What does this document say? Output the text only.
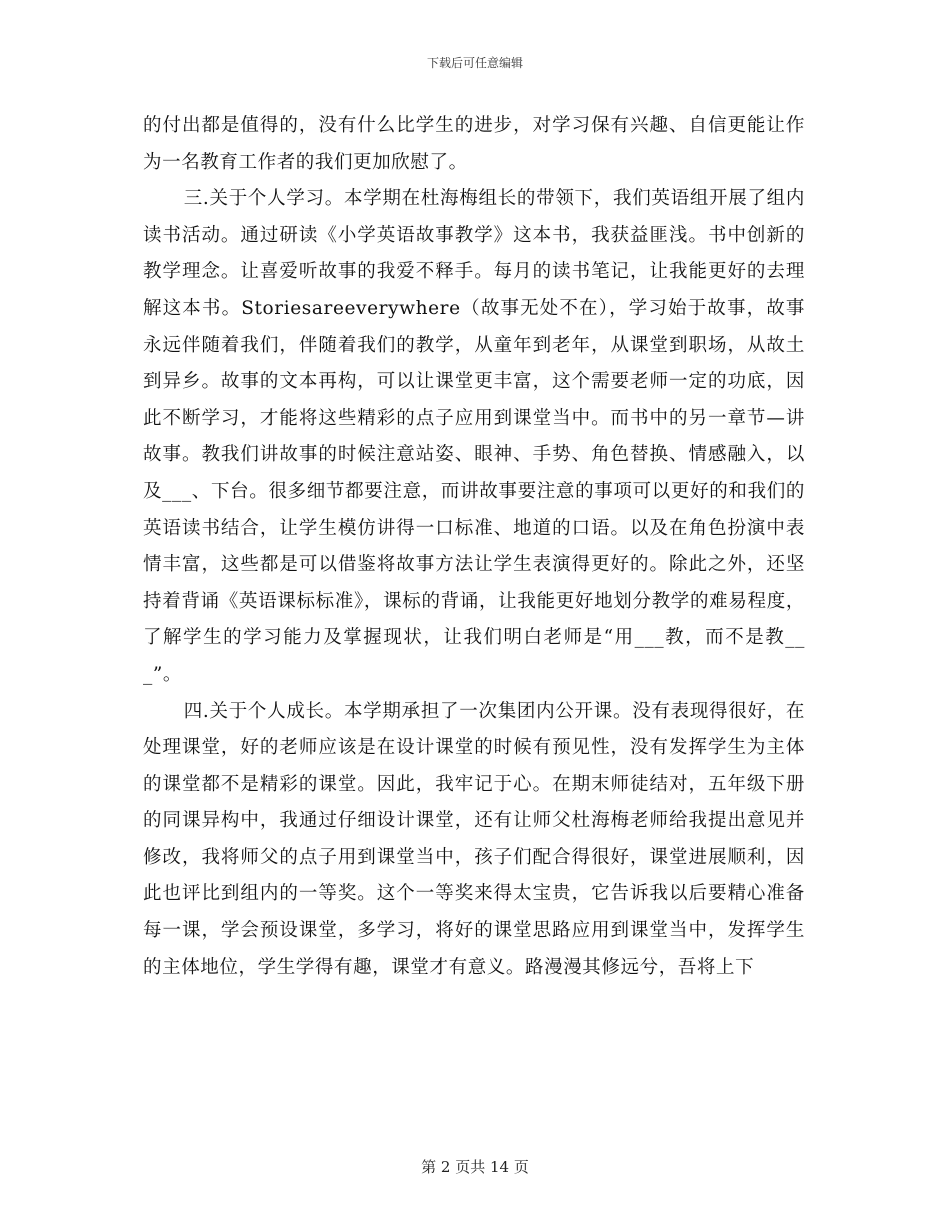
下载后可任意编辑

的付出都是值得的，没有什么比学生的进步，对学习保有兴趣、自信更能让作为一名教育工作者的我们更加欣慰了。

三.关于个人学习。本学期在杜海梅组长的带领下，我们英语组开展了组内读书活动。通过研读《小学英语故事教学》这本书，我获益匪浅。书中创新的教学理念。让喜爱听故事的我爱不释手。每月的读书笔记，让我能更好的去理解这本书。Storiesareeverywhere（故事无处不在），学习始于故事，故事永远伴随着我们，伴随着我们的教学，从童年到老年，从课堂到职场，从故土到异乡。故事的文本再构，可以让课堂更丰富，这个需要老师一定的功底，因此不断学习，才能将这些精彩的点子应用到课堂当中。而书中的另一章节—讲故事。教我们讲故事的时候注意站姿、眼神、手势、角色替换、情感融入，以及___、下台。很多细节都要注意，而讲故事要注意的事项可以更好的和我们的英语读书结合，让学生模仿讲得一口标准、地道的口语。以及在角色扮演中表情丰富，这些都是可以借鉴将故事方法让学生表演得更好的。除此之外，还坚持着背诵《英语课标标准》，课标的背诵，让我能更好地划分教学的难易程度，了解学生的学习能力及掌握现状，让我们明白老师是“用___教，而不是教___”。

四.关于个人成长。本学期承担了一次集团内公开课。没有表现得很好，在处理课堂，好的老师应该是在设计课堂的时候有预见性，没有发挥学生为主体的课堂都不是精彩的课堂。因此，我牢记于心。在期末师徒结对，五年级下册的同课异构中，我通过仔细设计课堂，还有让师父杜海梅老师给我提出意见并修改，我将师父的点子用到课堂当中，孩子们配合得很好，课堂进展顺利，因此也评比到组内的一等奖。这个一等奖来得太宝贵，它告诉我以后要精心准备每一课，学会预设课堂，多学习，将好的课堂思路应用到课堂当中，发挥学生的主体地位，学生学得有趣，课堂才有意义。路漫漫其修远兮，吾将上下

第 2 页共 14 页
